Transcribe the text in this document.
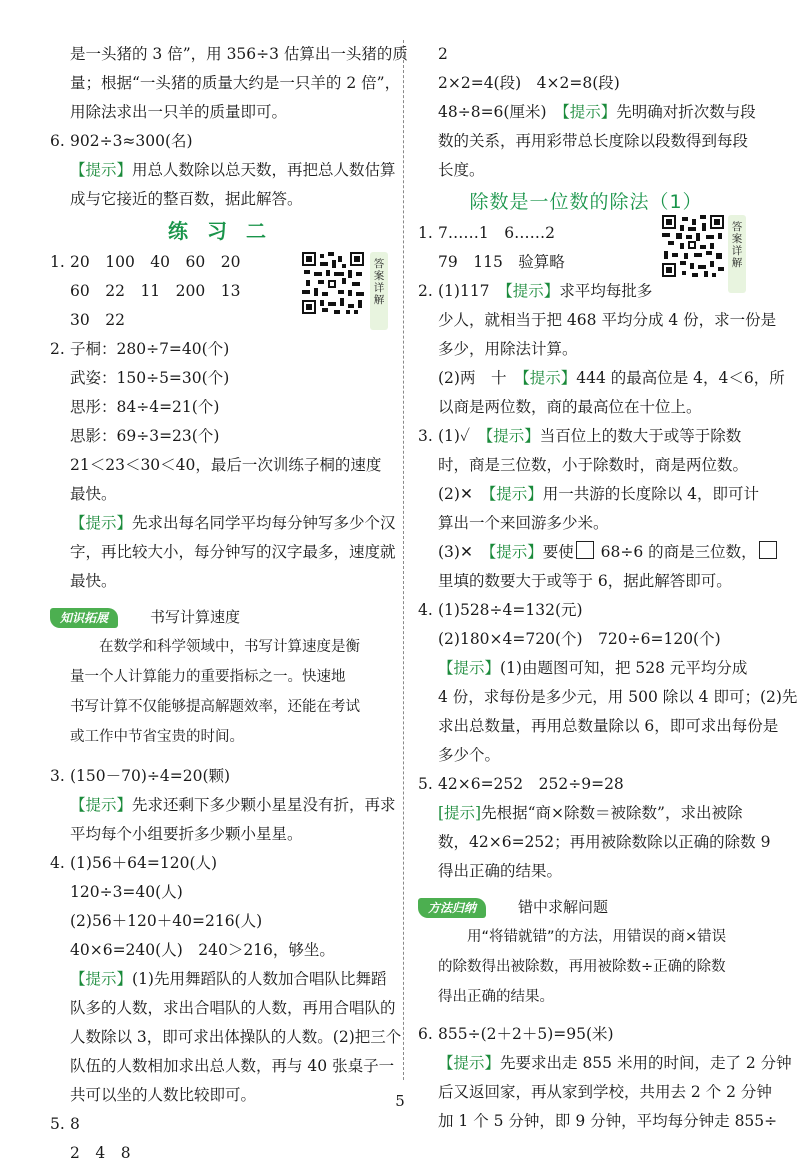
是一头猪的 3 倍”，用 356÷3 估算出一头猪的质
量；根据“一头猪的质量大约是一只羊的 2 倍”，
用除法求出一只羊的质量即可。
6. 902÷3≈300(名)
【提示】用总人数除以总天数，再把总人数估算
成与它接近的整百数，据此解答。
练 习 二
1. 20　100　40　60　20
60　22　11　200　13
30　22
答案详解
2. 子桐：280÷7=40(个)
武姿：150÷5=30(个)
思彤：84÷4=21(个)
思影：69÷3=23(个)
21＜23＜30＜40，最后一次训练子桐的速度
最快。
【提示】先求出每名同学平均每分钟写多少个汉
字，再比较大小，每分钟写的汉字最多，速度就
最快。
知识拓展	书写计算速度
　　在数学和科学领域中，书写计算速度是衡
量一个人计算能力的重要指标之一。快速地
书写计算不仅能够提高解题效率，还能在考试
或工作中节省宝贵的时间。
3. (150－70)÷4=20(颗)
【提示】先求还剩下多少颗小星星没有折，再求
平均每个小组要折多少颗小星星。
4. (1)56＋64=120(人)
120÷3=40(人)
(2)56＋120＋40=216(人)
40×6=240(人)　240＞216，够坐。
【提示】(1)先用舞蹈队的人数加合唱队比舞蹈
队多的人数，求出合唱队的人数，再用合唱队的
人数除以 3，即可求出体操队的人数。(2)把三个
队伍的人数相加求出总人数，再与 40 张桌子一
共可以坐的人数比较即可。
5. 8
2　4　8
2
2×2=4(段)　4×2=8(段)
48÷8=6(厘米)　【提示】先明确对折次数与段
数的关系，再用彩带总长度除以段数得到每段
长度。
除数是一位数的除法（1）
1. 7……1　6……2
79　115　验算略
答案详解
2. (1)117　【提示】求平均每批多
少人，就相当于把 468 平均分成 4 份，求一份是
多少，用除法计算。
(2)两　十　【提示】444 的最高位是 4，4＜6，所
以商是两位数，商的最高位在十位上。
3. (1)✓　【提示】当百位上的数大于或等于除数
时，商是三位数，小于除数时，商是两位数。
(2)✕　【提示】用一共游的长度除以 4，即可计
算出一个来回游多少米。
(3)✕　【提示】要使 68÷6 的商是三位数，
里填的数要大于或等于 6，据此解答即可。
4. (1)528÷4=132(元)
(2)180×4=720(个)　720÷6=120(个)
【提示】(1)由题图可知，把 528 元平均分成
4 份，求每份是多少元，用 500 除以 4 即可；(2)先
求出总数量，再用总数量除以 6，即可求出每份是
多少个。
5. 42×6=252　252÷9=28
[提示]先根据“商×除数＝被除数”，求出被除
数，42×6=252；再用被除数除以正确的除数 9
得出正确的结果。
方法归纳	错中求解问题
　　用“将错就错”的方法，用错误的商×错误
的除数得出被除数，再用被除数÷正确的除数
得出正确的结果。
6. 855÷(2＋2＋5)=95(米)
【提示】先要求出走 855 米用的时间，走了 2 分钟
后又返回家，再从家到学校，共用去 2 个 2 分钟
加 1 个 5 分钟，即 9 分钟，平均每分钟走 855÷
5
